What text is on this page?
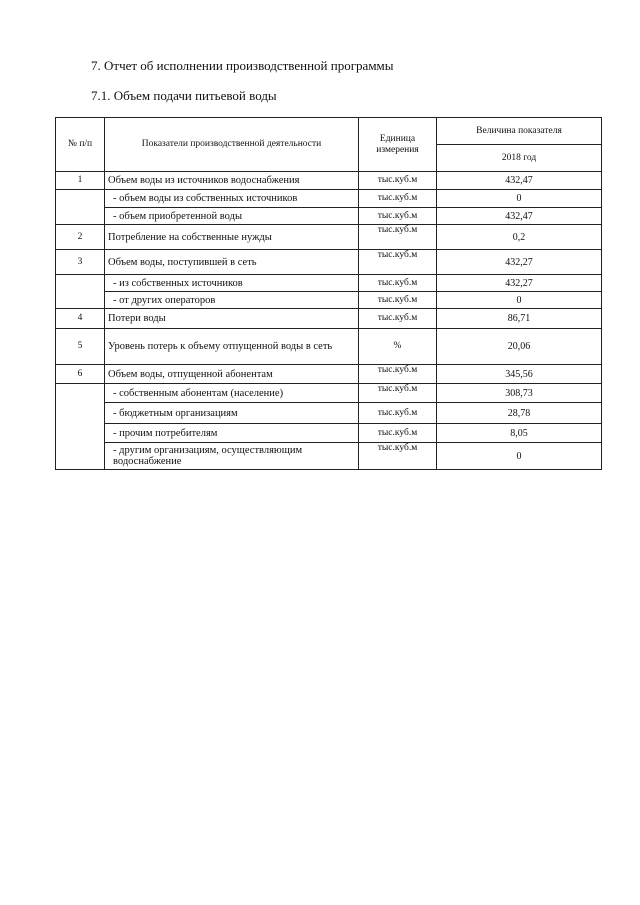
7. Отчет об исполнении производственной программы
7.1. Объем подачи питьевой воды
№ п/п	Показатели производственной деятельности	Единица измерения	Величина показателя
			2018 год
1	Объем воды из источников водоснабжения	тыс.куб.м	432,47
	- объем воды из собственных источников	тыс.куб.м	0
	- объем приобретенной воды	тыс.куб.м	432,47
2	Потребление на собственные нужды	тыс.куб.м	0,2
3	Объем воды, поступившей в сеть	тыс.куб.м	432,27
	- из собственных источников	тыс.куб.м	432,27
	- от других операторов	тыс.куб.м	0
4	Потери воды	тыс.куб.м	86,71
5	Уровень потерь к объему отпущенной воды в сеть	%	20,06
6	Объем воды, отпущенной абонентам	тыс.куб.м	345,56
	- собственным абонентам (население)	тыс.куб.м	308,73
	- бюджетным организациям	тыс.куб.м	28,78
	- прочим потребителям	тыс.куб.м	8,05
	- другим организациям, осуществляющим водоснабжение	тыс.куб.м	0
